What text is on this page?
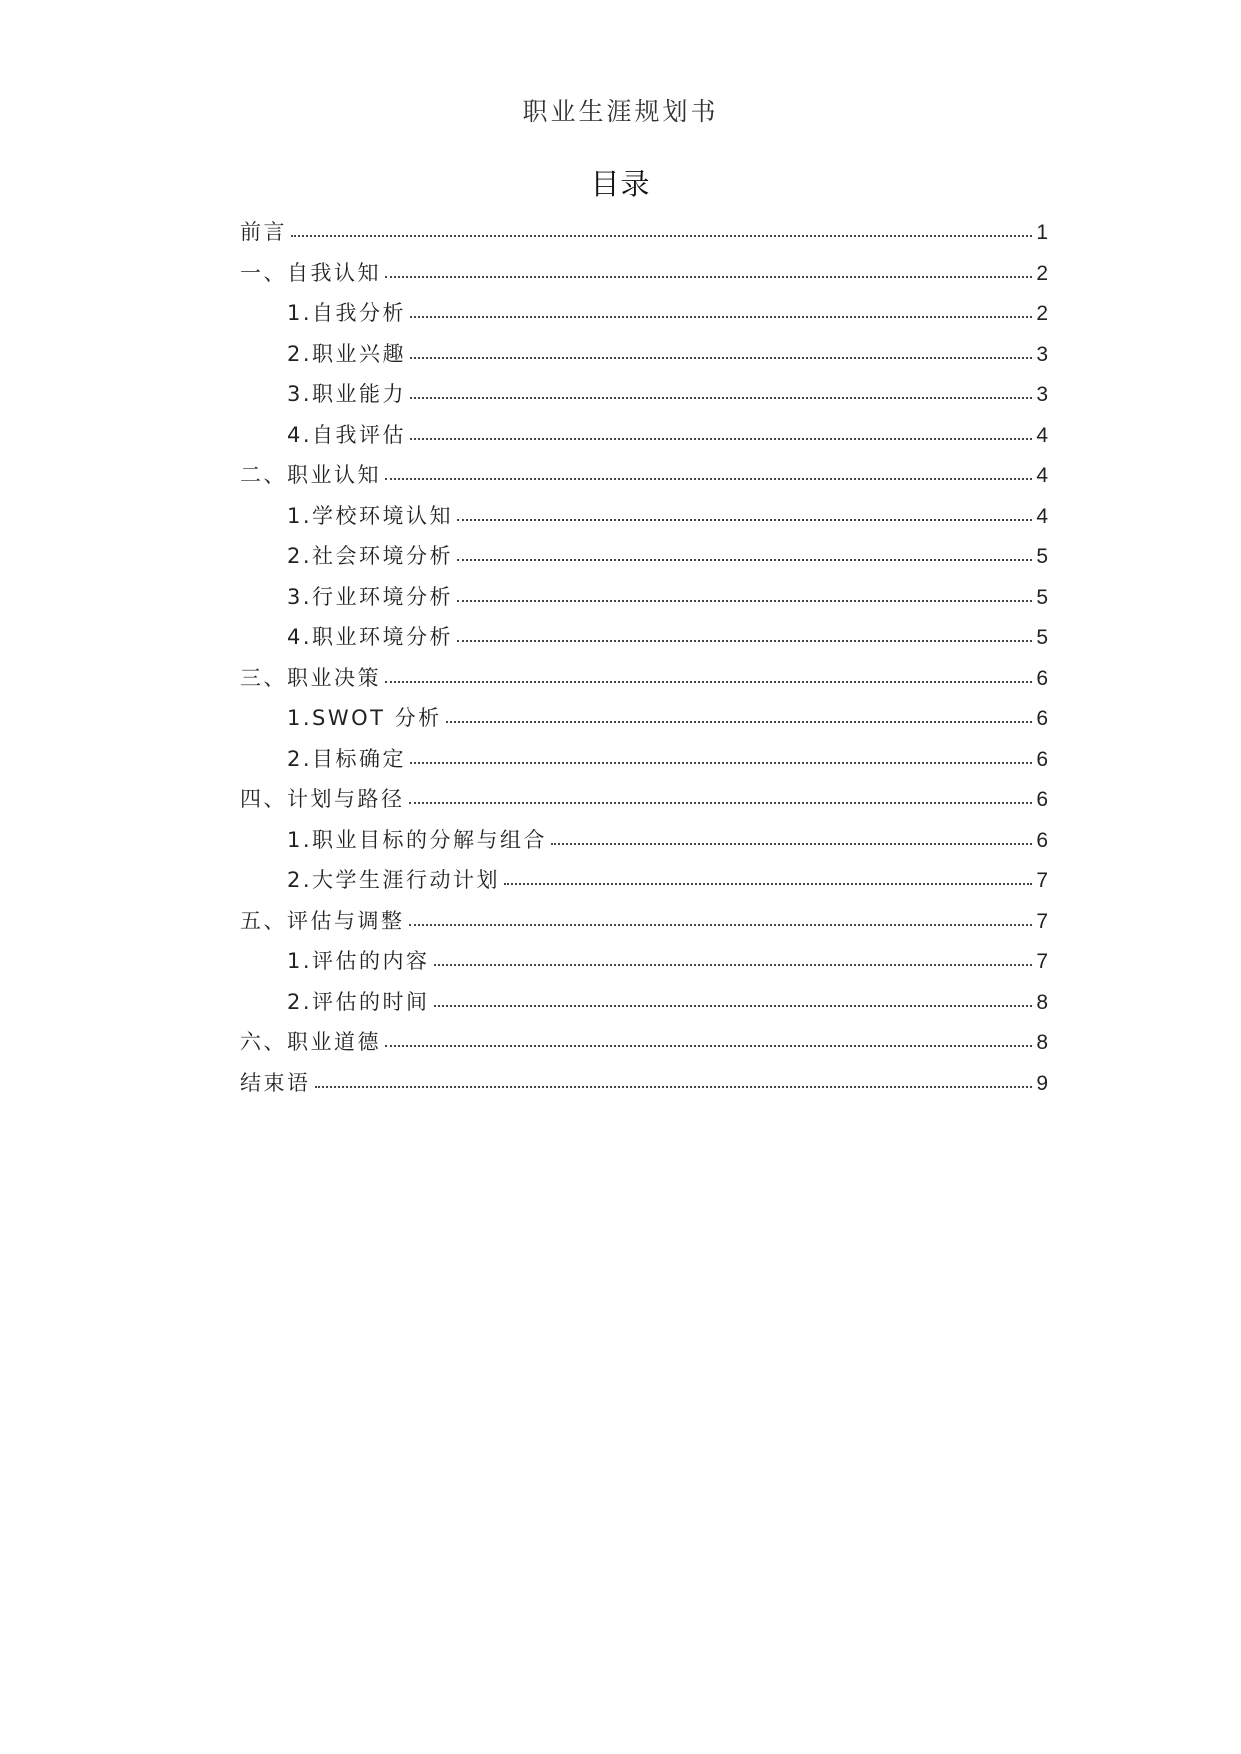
职业生涯规划书
目录
前言	1
一、自我认知	2
1.自我分析	2
2.职业兴趣	3
3.职业能力	3
4.自我评估	4
二、职业认知	4
1.学校环境认知	4
2.社会环境分析	5
3.行业环境分析	5
4.职业环境分析	5
三、职业决策	6
1.SWOT 分析	6
2.目标确定	6
四、计划与路径	6
1.职业目标的分解与组合	6
2.大学生涯行动计划	7
五、评估与调整	7
1.评估的内容	7
2.评估的时间	8
六、职业道德	8
结束语	9
